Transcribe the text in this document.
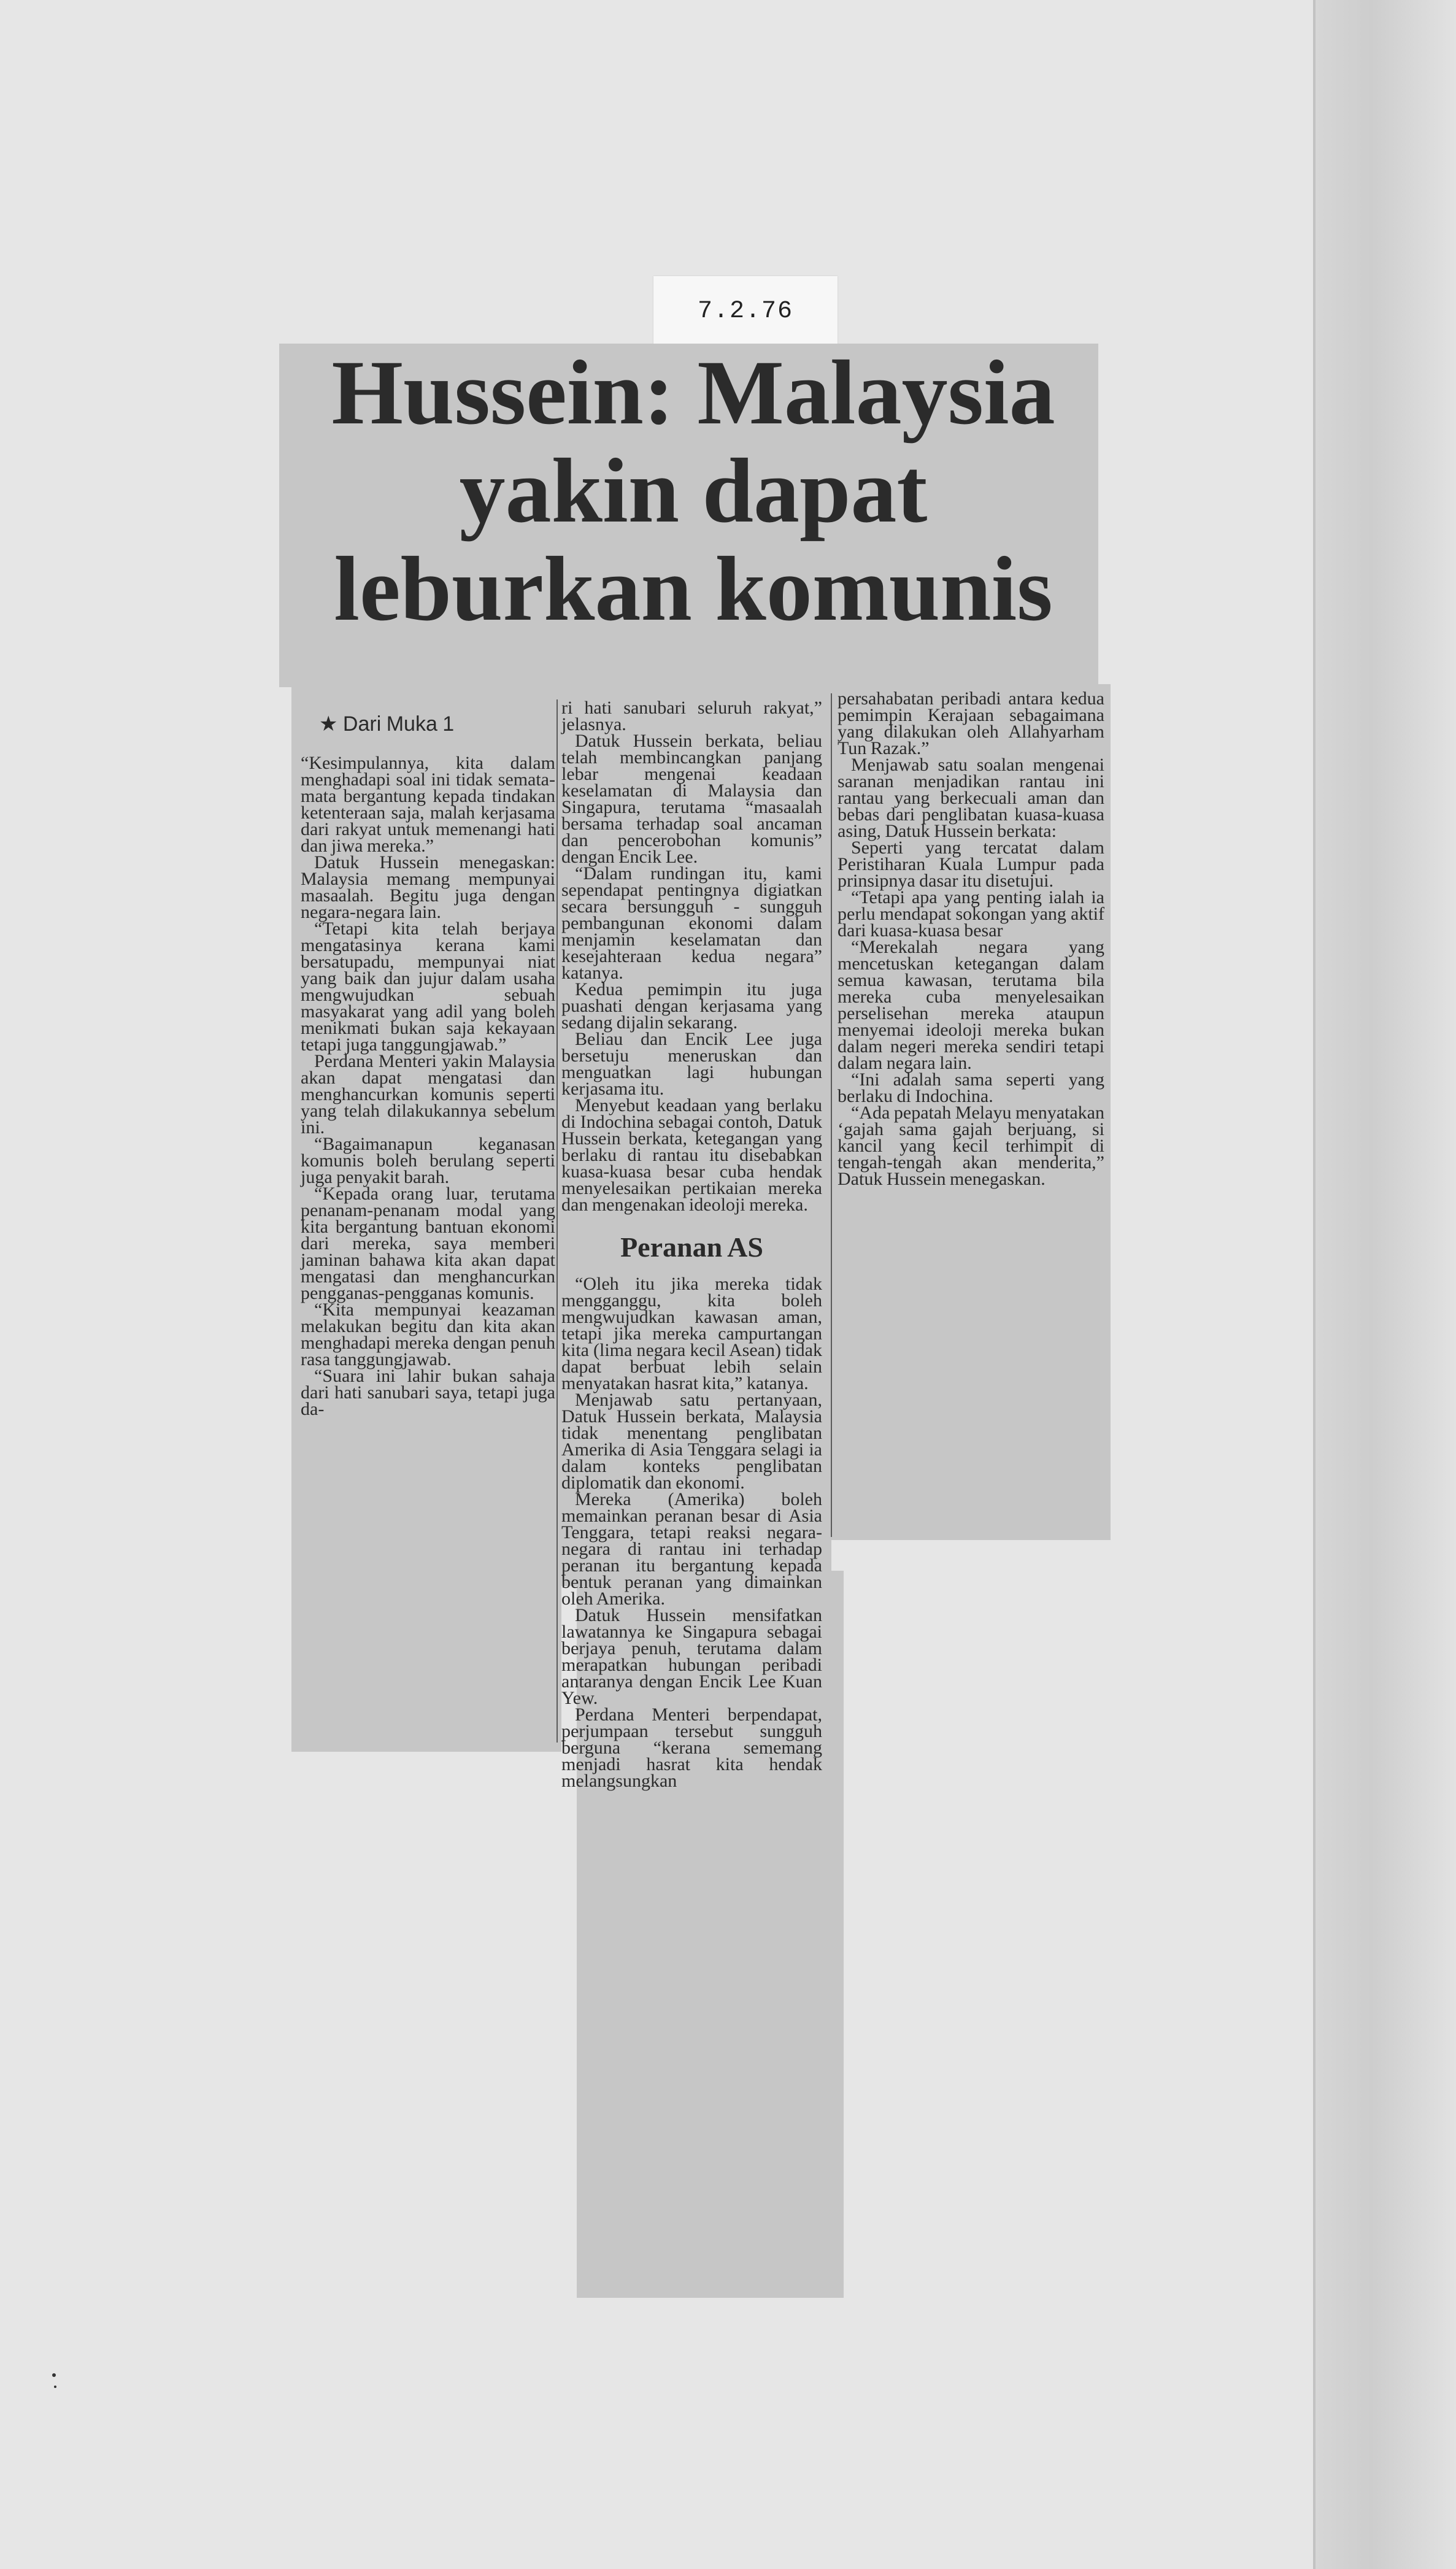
7.2.76
Hussein: Malaysia
yakin dapat
leburkan komunis
★ Dari Muka 1

“Kesimpulannya, kita dalam menghadapi soal ini tidak semata-mata bergantung kepada tindakan ketenteraan saja, malah kerjasama dari rakyat untuk memenangi hati dan jiwa mereka.”

Datuk Hussein menegaskan: Malaysia memang mempunyai masaalah. Begitu juga dengan negara-negara lain.

“Tetapi kita telah berjaya mengatasinya kerana kami bersatupadu, mempunyai niat yang baik dan jujur dalam usaha mengwujudkan sebuah masyakarat yang adil yang boleh menikmati bukan saja kekayaan tetapi juga tanggungjawab.”

Perdana Menteri yakin Malaysia akan dapat mengatasi dan menghancurkan komunis seperti yang telah dilakukannya sebelum ini.

“Bagaimanapun keganasan komunis boleh berulang seperti juga penyakit barah.

“Kepada orang luar, terutama penanam-penanam modal yang kita bergantung bantuan ekonomi dari mereka, saya memberi jaminan bahawa kita akan dapat mengatasi dan menghancurkan pengganas-pengganas komunis.

“Kita mempunyai keazaman melakukan begitu dan kita akan menghadapi mereka dengan penuh rasa tanggungjawab.

“Suara ini lahir bukan sahaja dari hati sanubari saya, tetapi juga da-

ri hati sanubari seluruh rakyat,” jelasnya.

Datuk Hussein berkata, beliau telah membincangkan panjang lebar mengenai keadaan keselamatan di Malaysia dan Singapura, terutama “masaalah bersama terhadap soal ancaman dan pencerobohan komunis” dengan Encik Lee.

“Dalam rundingan itu, kami sependapat pentingnya digiatkan secara bersungguh - sungguh pembangunan ekonomi dalam menjamin keselamatan dan kesejahteraan kedua negara” katanya.

Kedua pemimpin itu juga puashati dengan kerjasama yang sedang dijalin sekarang.

Beliau dan Encik Lee juga bersetuju meneruskan dan menguatkan lagi hubungan kerjasama itu.

Menyebut keadaan yang berlaku di Indochina sebagai contoh, Datuk Hussein berkata, ketegangan yang berlaku di rantau itu disebabkan kuasa-kuasa besar cuba hendak menyelesaikan pertikaian mereka dan mengenakan ideoloji mereka.

Peranan AS

“Oleh itu jika mereka tidak mengganggu, kita boleh mengwujudkan kawasan aman, tetapi jika mereka campurtangan kita (lima negara kecil Asean) tidak dapat berbuat lebih selain menyatakan hasrat kita,” katanya.

Menjawab satu pertanyaan, Datuk Hussein berkata, Malaysia tidak menentang penglibatan Amerika di Asia Tenggara selagi ia dalam konteks penglibatan diplomatik dan ekonomi.

Mereka (Amerika) boleh memainkan peranan besar di Asia Tenggara, tetapi reaksi negara-negara di rantau ini terhadap peranan itu bergantung kepada bentuk peranan yang dimainkan oleh Amerika.

Datuk Hussein mensifatkan lawatannya ke Singapura sebagai berjaya penuh, terutama dalam merapatkan hubungan peribadi antaranya dengan Encik Lee Kuan Yew.

Perdana Menteri berpendapat, perjumpaan tersebut sungguh berguna “kerana sememang menjadi hasrat kita hendak melangsungkan

persahabatan peribadi antara kedua pemimpin Kerajaan sebagaimana yang dilakukan oleh Allahyarham Tun Razak.”

Menjawab satu soalan mengenai saranan menjadikan rantau ini rantau yang berkecuali aman dan bebas dari penglibatan kuasa-kuasa asing, Datuk Hussein berkata:

Seperti yang tercatat dalam Peristiharan Kuala Lumpur pada prinsipnya dasar itu disetujui.

“Tetapi apa yang penting ialah ia perlu mendapat sokongan yang aktif dari kuasa-kuasa besar

“Merekalah negara yang mencetuskan ketegangan dalam semua kawasan, terutama bila mereka cuba menyelesaikan perselisehan mereka ataupun menyemai ideoloji mereka bukan dalam negeri mereka sendiri tetapi dalam negara lain.

“Ini adalah sama seperti yang berlaku di Indochina.

“Ada pepatah Melayu menyatakan ‘gajah sama gajah berjuang, si kancil yang kecil terhimpit di tengah-tengah akan menderita,” Datuk Hussein menegaskan.
